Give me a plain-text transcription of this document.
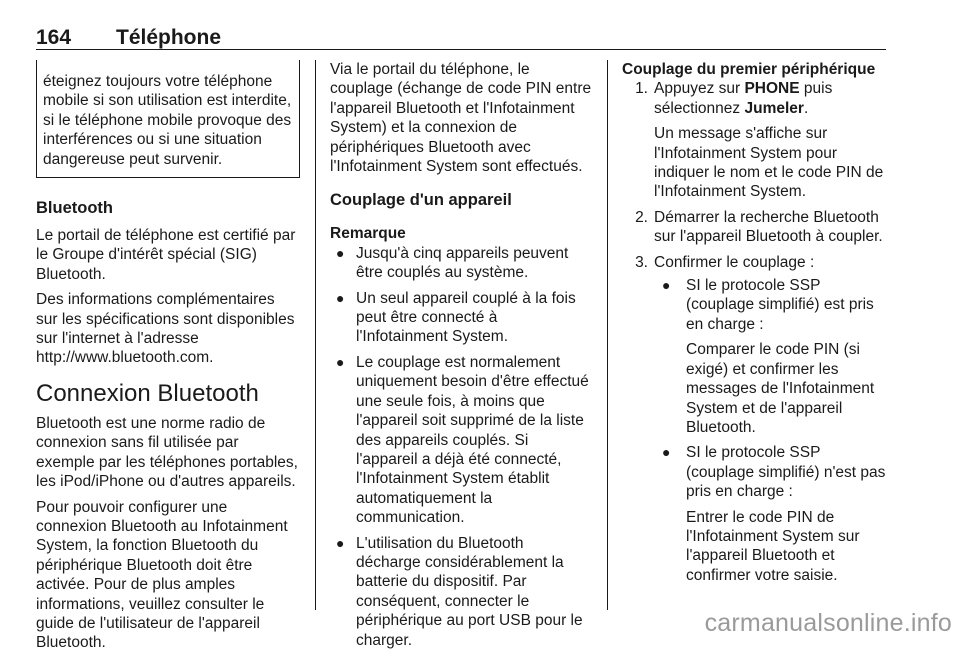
164 Téléphone

éteignez toujours votre téléphone mobile si son utilisation est interdite, si le téléphone mobile provoque des interférences ou si une situation dangereuse peut survenir.

Bluetooth

Le portail de téléphone est certifié par le Groupe d'intérêt spécial (SIG) Bluetooth.

Des informations complémentaires sur les spécifications sont disponibles sur l'internet à l'adresse

http://www.bluetooth.com.

Connexion Bluetooth

Bluetooth est une norme radio de connexion sans fil utilisée par exemple par les téléphones portables, les iPod/iPhone ou d'autres appareils.

Pour pouvoir configurer une connexion Bluetooth au Infotainment System, la fonction Bluetooth du périphérique Bluetooth doit être activée. Pour de plus amples informations, veuillez consulter le guide de l'utilisateur de l'appareil Bluetooth.

Via le portail du téléphone, le couplage (échange de code PIN entre l'appareil Bluetooth et l'Infotainment System) et la connexion de périphériques Bluetooth avec l'Infotainment System sont effectués.

Couplage d'un appareil
Remarque
● Jusqu'à cinq appareils peuvent être couplés au système.
● Un seul appareil couplé à la fois peut être connecté à l'Infotainment System.
● Le couplage est normalement uniquement besoin d'être effectué une seule fois, à moins que l'appareil soit supprimé de la liste des appareils couplés. Si l'appareil a déjà été connecté, l'Infotainment System établit automatiquement la communication.
● L'utilisation du Bluetooth décharge considérablement la batterie du dispositif. Par conséquent, connecter le périphérique au port USB pour le charger.
Couplage du premier périphérique
1. Appuyez sur PHONE puis sélectionnez Jumeler.

Un message s'affiche sur l'Infotainment System pour indiquer le nom et le code PIN de l'Infotainment System.

2. Démarrer la recherche Bluetooth sur l'appareil Bluetooth à coupler.

3. Confirmer le couplage :

●	SI le protocole SSP (couplage simplifié) est pris en charge :

Comparer le code PIN (si exigé) et confirmer les messages de l'Infotainment System et de l'appareil Bluetooth.

●	SI le protocole SSP (couplage simplifié) n'est pas pris en charge :

Entrer le code PIN de l'Infotainment System sur l'appareil Bluetooth et confirmer votre saisie.

carmanualsonline.info
